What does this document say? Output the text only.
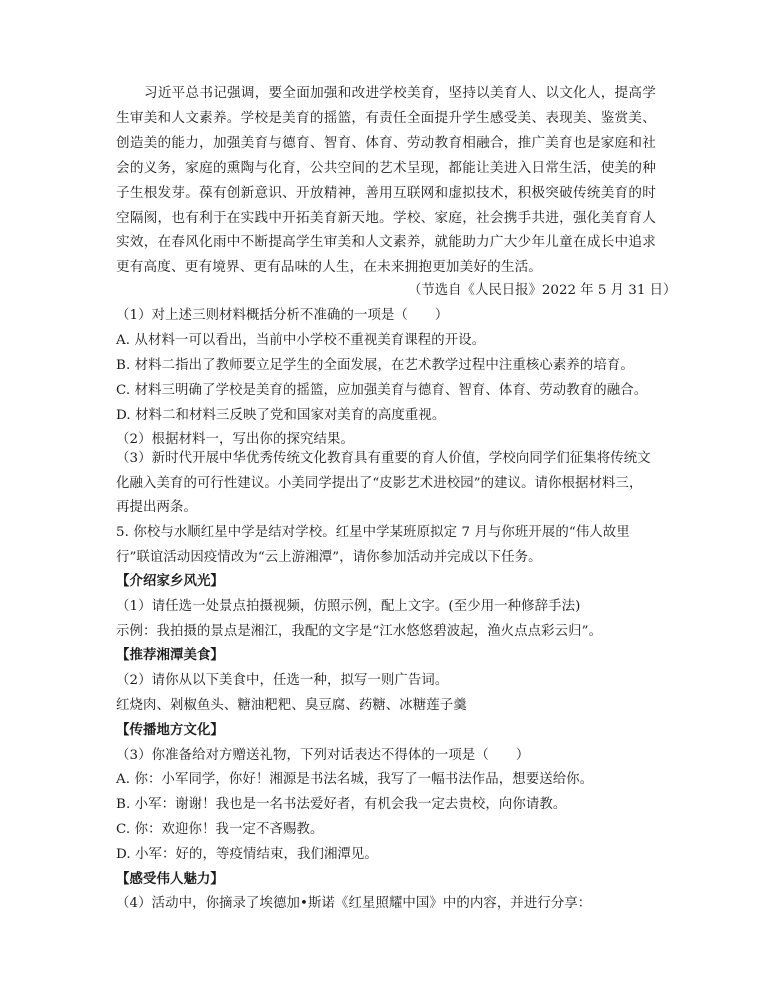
习近平总书记强调，要全面加强和改进学校美育，坚持以美育人、以文化人，提高学生审美和人文素养。学校是美育的摇篮，有责任全面提升学生感受美、表现美、鉴赏美、创造美的能力，加强美育与德育、智育、体育、劳动教育相融合，推广美育也是家庭和社会的义务，家庭的熏陶与化育，公共空间的艺术呈现，都能让美进入日常生活，使美的种子生根发芽。葆有创新意识、开放精神，善用互联网和虚拟技术，积极突破传统美育的时空隔阂，也有利于在实践中开拓美育新天地。学校、家庭，社会携手共进，强化美育育人实效，在春风化雨中不断提高学生审美和人文素养，就能助力广大少年儿童在成长中追求更有高度、更有境界、更有品味的人生，在未来拥抱更加美好的生活。

（节选自《人民日报》2022 年 5 月 31 日）
（1）对上述三则材料概括分析不准确的一项是（　　）
A. 从材料一可以看出，当前中小学校不重视美育课程的开设。
B. 材料二指出了教师要立足学生的全面发展，在艺术教学过程中注重核心素养的培育。
C. 材料三明确了学校是美育的摇篮，应加强美育与德育、智育、体育、劳动教育的融合。
D. 材料二和材料三反映了党和国家对美育的高度重视。
（2）根据材料一，写出你的探究结果。
（3）新时代开展中华优秀传统文化教育具有重要的育人价值，学校向同学们征集将传统文化融入美育的可行性建议。小美同学提出了“皮影艺术进校园”的建议。请你根据材料三，再提出两条。
5. 你校与水顺红星中学是结对学校。红星中学某班原拟定 7 月与你班开展的“伟人故里行”联谊活动因疫情改为“云上游湘潭”，请你参加活动并完成以下任务。
【介绍家乡风光】
（1）请任选一处景点拍摄视频，仿照示例，配上文字。(至少用一种修辞手法)
示例：我拍摄的景点是湘江，我配的文字是“江水悠悠碧波起，渔火点点彩云归”。
【推荐湘潭美食】
（2）请你从以下美食中，任选一种，拟写一则广告词。
红烧肉、剁椒鱼头、糖油粑粑、臭豆腐、药糖、冰糖莲子羹
【传播地方文化】
（3）你准备给对方赠送礼物，下列对话表达不得体的一项是（　　）
A. 你：小军同学，你好！湘源是书法名城，我写了一幅书法作品，想要送给你。
B. 小军：谢谢！我也是一名书法爱好者，有机会我一定去贵校，向你请教。
C. 你：欢迎你！我一定不吝赐教。
D. 小军：好的，等疫情结束，我们湘潭见。
【感受伟人魅力】
（4）活动中，你摘录了埃德加•斯诺《红星照耀中国》中的内容，并进行分享：
